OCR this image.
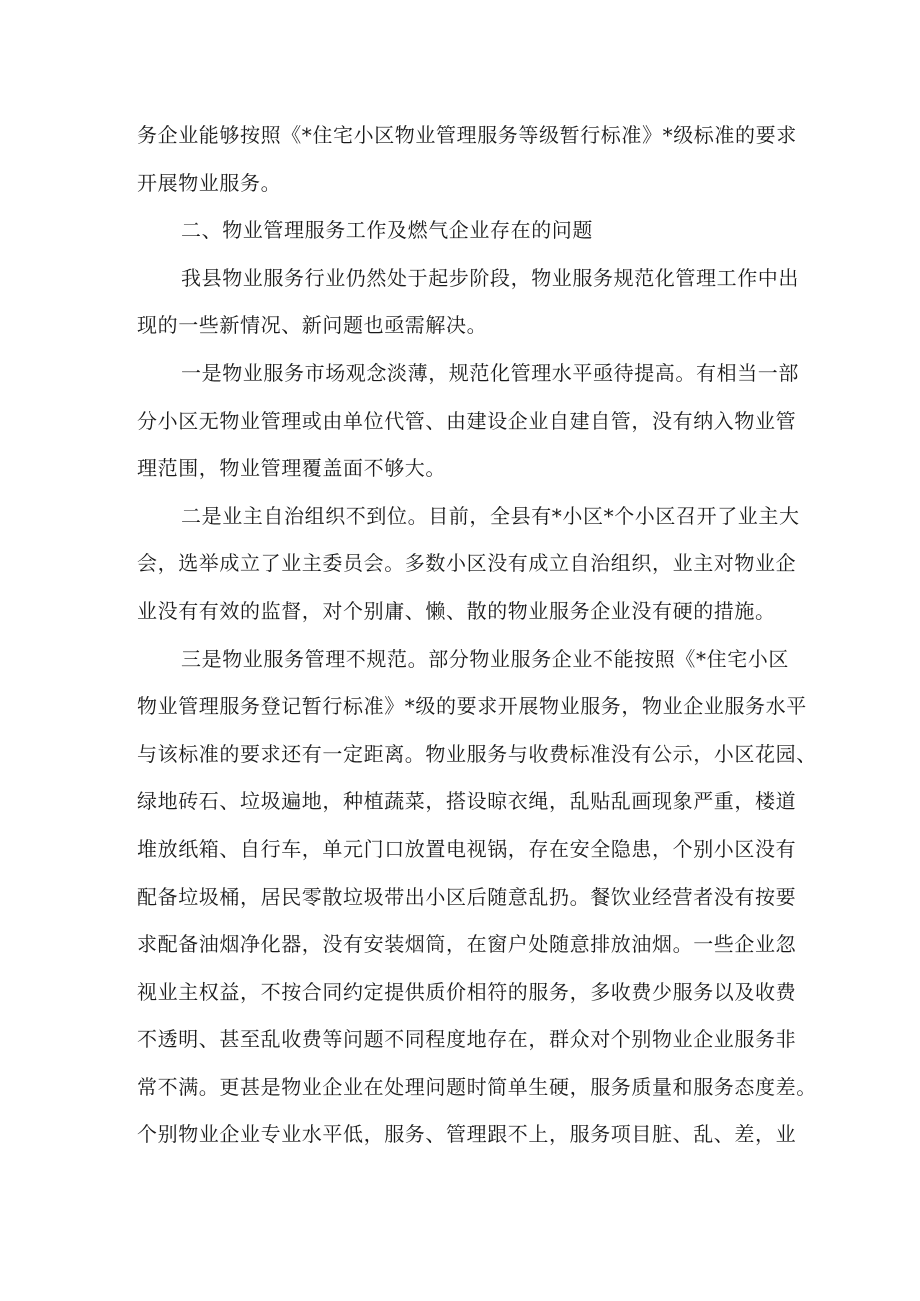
务企业能够按照《*住宅小区物业管理服务等级暂行标准》*级标准的要求
开展物业服务。
二、物业管理服务工作及燃气企业存在的问题
我县物业服务行业仍然处于起步阶段，物业服务规范化管理工作中出
现的一些新情况、新问题也亟需解决。
一是物业服务市场观念淡薄，规范化管理水平亟待提高。有相当一部
分小区无物业管理或由单位代管、由建设企业自建自管，没有纳入物业管
理范围，物业管理覆盖面不够大。
二是业主自治组织不到位。目前，全县有*小区*个小区召开了业主大
会，选举成立了业主委员会。多数小区没有成立自治组织，业主对物业企
业没有有效的监督，对个别庸、懒、散的物业服务企业没有硬的措施。
三是物业服务管理不规范。部分物业服务企业不能按照《*住宅小区
物业管理服务登记暂行标准》*级的要求开展物业服务，物业企业服务水平
与该标准的要求还有一定距离。物业服务与收费标准没有公示，小区花园、
绿地砖石、垃圾遍地，种植蔬菜，搭设晾衣绳，乱贴乱画现象严重，楼道
堆放纸箱、自行车，单元门口放置电视锅，存在安全隐患，个别小区没有
配备垃圾桶，居民零散垃圾带出小区后随意乱扔。餐饮业经营者没有按要
求配备油烟净化器，没有安装烟筒，在窗户处随意排放油烟。一些企业忽
视业主权益，不按合同约定提供质价相符的服务，多收费少服务以及收费
不透明、甚至乱收费等问题不同程度地存在，群众对个别物业企业服务非
常不满。更甚是物业企业在处理问题时简单生硬，服务质量和服务态度差。
个别物业企业专业水平低，服务、管理跟不上，服务项目脏、乱、差，业
